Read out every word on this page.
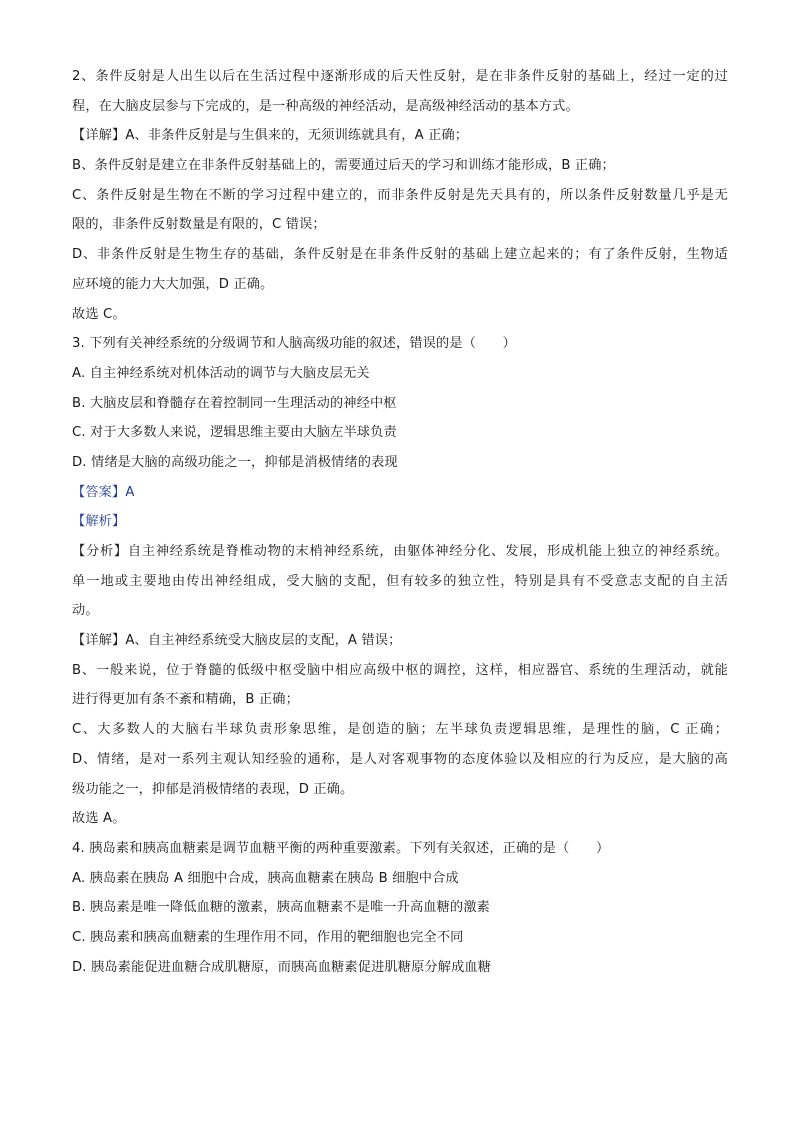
2、条件反射是人出生以后在生活过程中逐渐形成的后天性反射，是在非条件反射的基础上，经过一定的过
程，在大脑皮层参与下完成的，是一种高级的神经活动，是高级神经活动的基本方式。
【详解】A、非条件反射是与生俱来的，无须训练就具有，A 正确；
B、条件反射是建立在非条件反射基础上的，需要通过后天的学习和训练才能形成，B 正确；
C、条件反射是生物在不断的学习过程中建立的，而非条件反射是先天具有的，所以条件反射数量几乎是无
限的，非条件反射数量是有限的，C 错误；
D、非条件反射是生物生存的基础，条件反射是在非条件反射的基础上建立起来的；有了条件反射，生物适
应环境的能力大大加强，D 正确。
故选 C。
3. 下列有关神经系统的分级调节和人脑高级功能的叙述，错误的是（　　）
A. 自主神经系统对机体活动的调节与大脑皮层无关
B. 大脑皮层和脊髓存在着控制同一生理活动的神经中枢
C. 对于大多数人来说，逻辑思维主要由大脑左半球负责
D. 情绪是大脑的高级功能之一，抑郁是消极情绪的表现
【答案】A
【解析】
【分析】自主神经系统是脊椎动物的末梢神经系统，由躯体神经分化、发展，形成机能上独立的神经系统。
单一地或主要地由传出神经组成，受大脑的支配，但有较多的独立性，特别是具有不受意志支配的自主活
动。
【详解】A、自主神经系统受大脑皮层的支配，A 错误；
B、一般来说，位于脊髓的低级中枢受脑中相应高级中枢的调控，这样，相应器官、系统的生理活动，就能
进行得更加有条不紊和精确，B 正确；
C、大多数人的大脑右半球负责形象思维，是创造的脑；左半球负责逻辑思维，是理性的脑，C 正确；
D、情绪，是对一系列主观认知经验的通称，是人对客观事物的态度体验以及相应的行为反应，是大脑的高
级功能之一，抑郁是消极情绪的表现，D 正确。
故选 A。
4. 胰岛素和胰高血糖素是调节血糖平衡的两种重要激素。下列有关叙述，正确的是（　　）
A. 胰岛素在胰岛 A 细胞中合成，胰高血糖素在胰岛 B 细胞中合成
B. 胰岛素是唯一降低血糖的激素，胰高血糖素不是唯一升高血糖的激素
C. 胰岛素和胰高血糖素的生理作用不同，作用的靶细胞也完全不同
D. 胰岛素能促进血糖合成肌糖原，而胰高血糖素促进肌糖原分解成血糖
